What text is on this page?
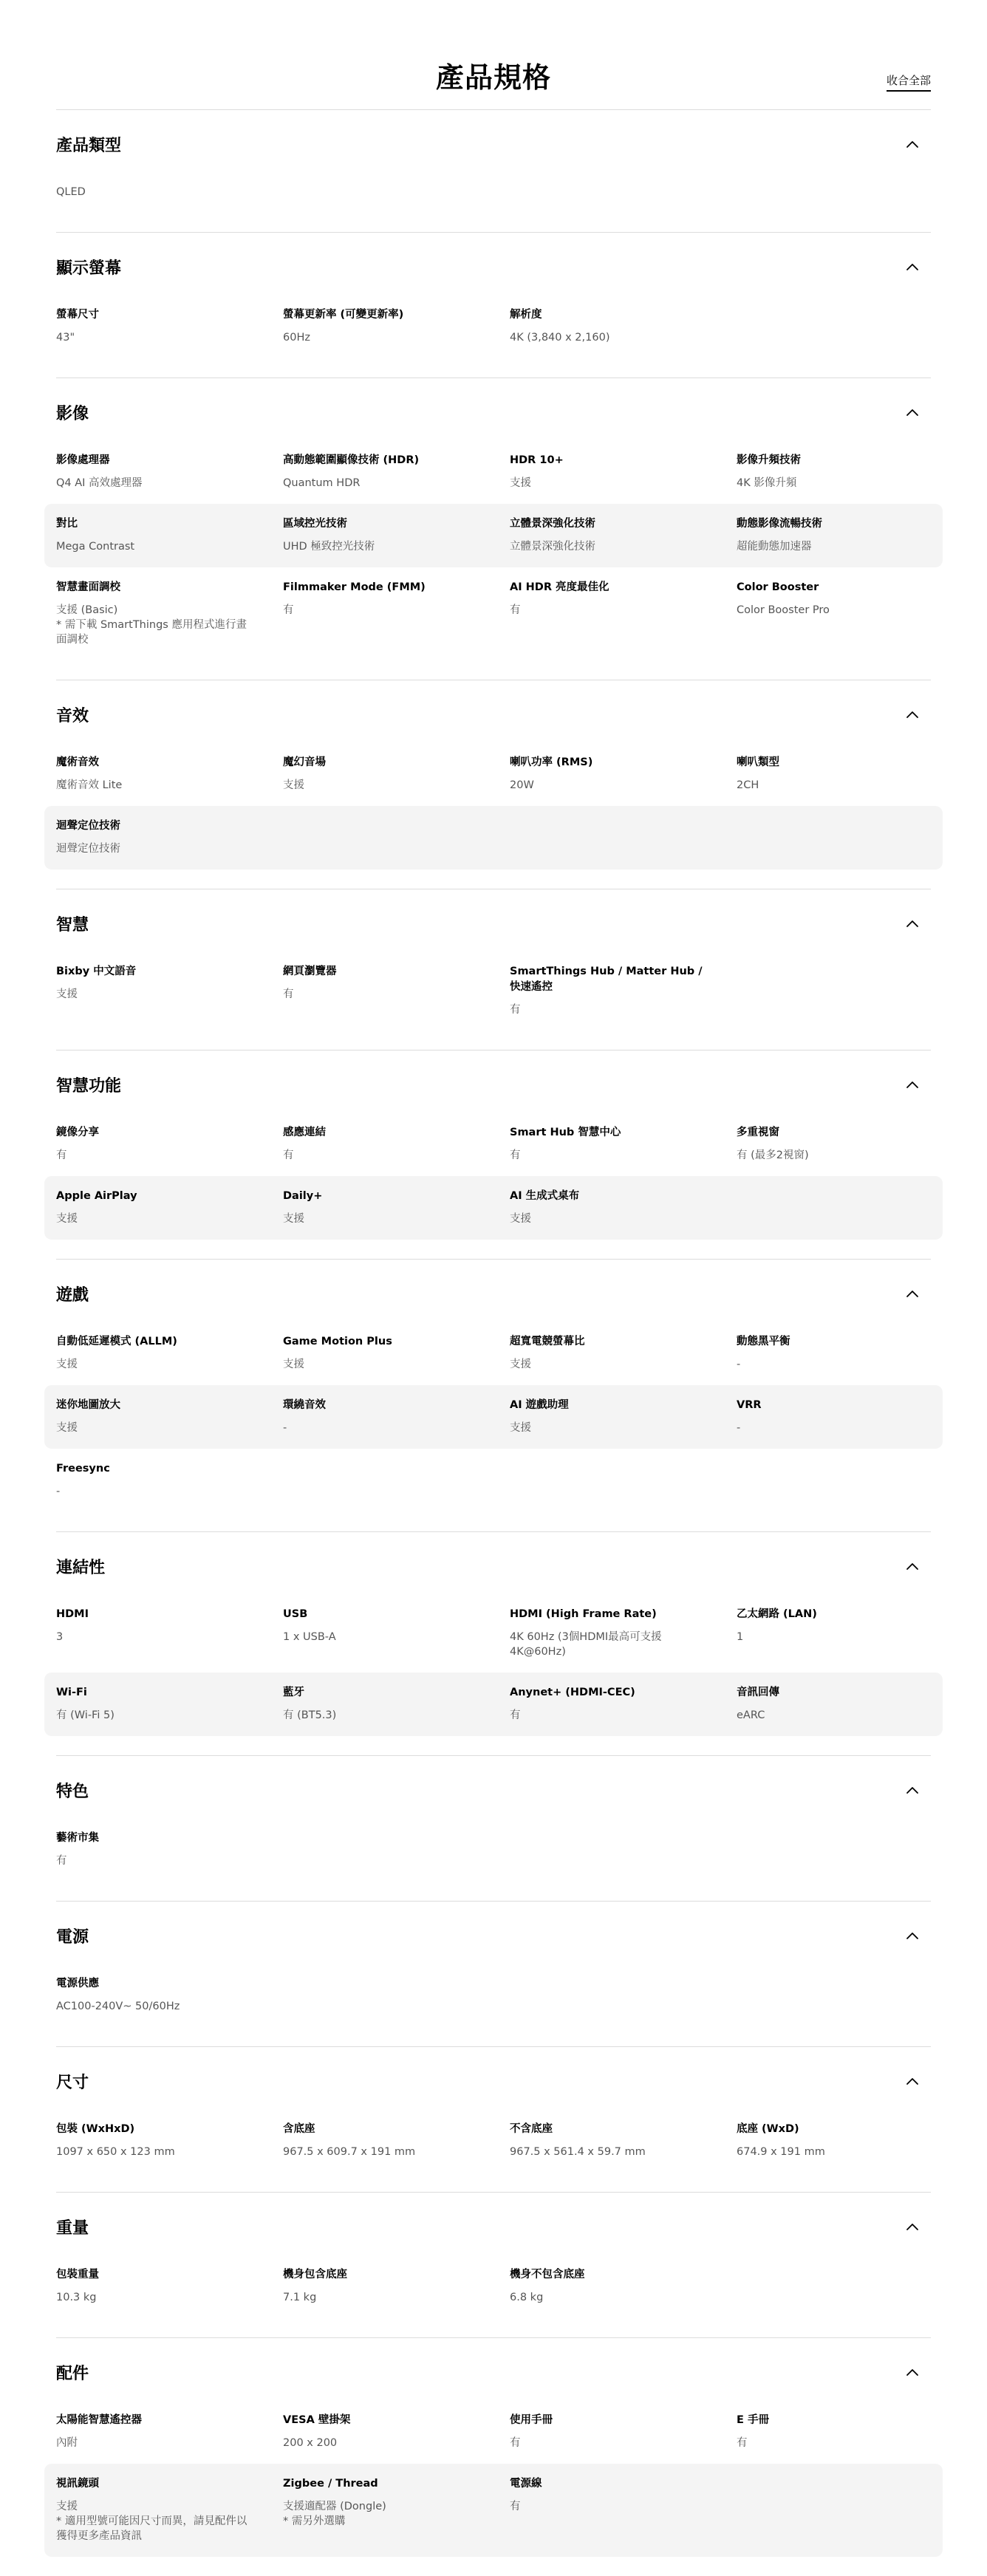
產品規格	收合全部
產品類型
QLED
顯示螢幕
螢幕尺寸
43"
螢幕更新率 (可變更新率)
60Hz
解析度
4K (3,840 x 2,160)
影像
影像處理器
Q4 AI 高效處理器
高動態範圍顯像技術 (HDR)
Quantum HDR
HDR 10+
支援
影像升頻技術
4K 影像升頻
對比
Mega Contrast
區域控光技術
UHD 極致控光技術
立體景深強化技術
立體景深強化技術
動態影像流暢技術
超能動態加速器
智慧畫面調校
支援 (Basic)
* 需下載 SmartThings 應用程式進行畫面調校
Filmmaker Mode (FMM)
有
AI HDR 亮度最佳化
有
Color Booster
Color Booster Pro
音效
魔術音效
魔術音效 Lite
魔幻音場
支援
喇叭功率 (RMS)
20W
喇叭類型
2CH
迴聲定位技術
迴聲定位技術
智慧
Bixby 中文語音
支援
網頁瀏覽器
有
SmartThings Hub / Matter Hub / 快速遙控
有
智慧功能
鏡像分享
有
感應連結
有
Smart Hub 智慧中心
有
多重視窗
有 (最多2視窗)
Apple AirPlay
支援
Daily+
支援
AI 生成式桌布
支援
遊戲
自動低延遲模式 (ALLM)
支援
Game Motion Plus
支援
超寬電競螢幕比
支援
動態黑平衡
-
迷你地圖放大
支援
環繞音效
-
AI 遊戲助理
支援
VRR
-
Freesync
-
連結性
HDMI
3
USB
1 x USB-A
HDMI (High Frame Rate)
4K 60Hz (3個HDMI最高可支援4K@60Hz)
乙太網路 (LAN)
1
Wi-Fi
有 (Wi-Fi 5)
藍牙
有 (BT5.3)
Anynet+ (HDMI-CEC)
有
音訊回傳
eARC
特色
藝術市集
有
電源
電源供應
AC100-240V~ 50/60Hz
尺寸
包裝 (WxHxD)
1097 x 650 x 123 mm
含底座
967.5 x 609.7 x 191 mm
不含底座
967.5 x 561.4 x 59.7 mm
底座 (WxD)
674.9 x 191 mm
重量
包裝重量
10.3 kg
機身包含底座
7.1 kg
機身不包含底座
6.8 kg
配件
太陽能智慧遙控器
內附
VESA 壁掛架
200 x 200
使用手冊
有
E 手冊
有
視訊鏡頭
支援
* 適用型號可能因尺寸而異，請見配件以獲得更多產品資訊
Zigbee / Thread
支援適配器 (Dongle)
* 需另外選購
電源線
有
